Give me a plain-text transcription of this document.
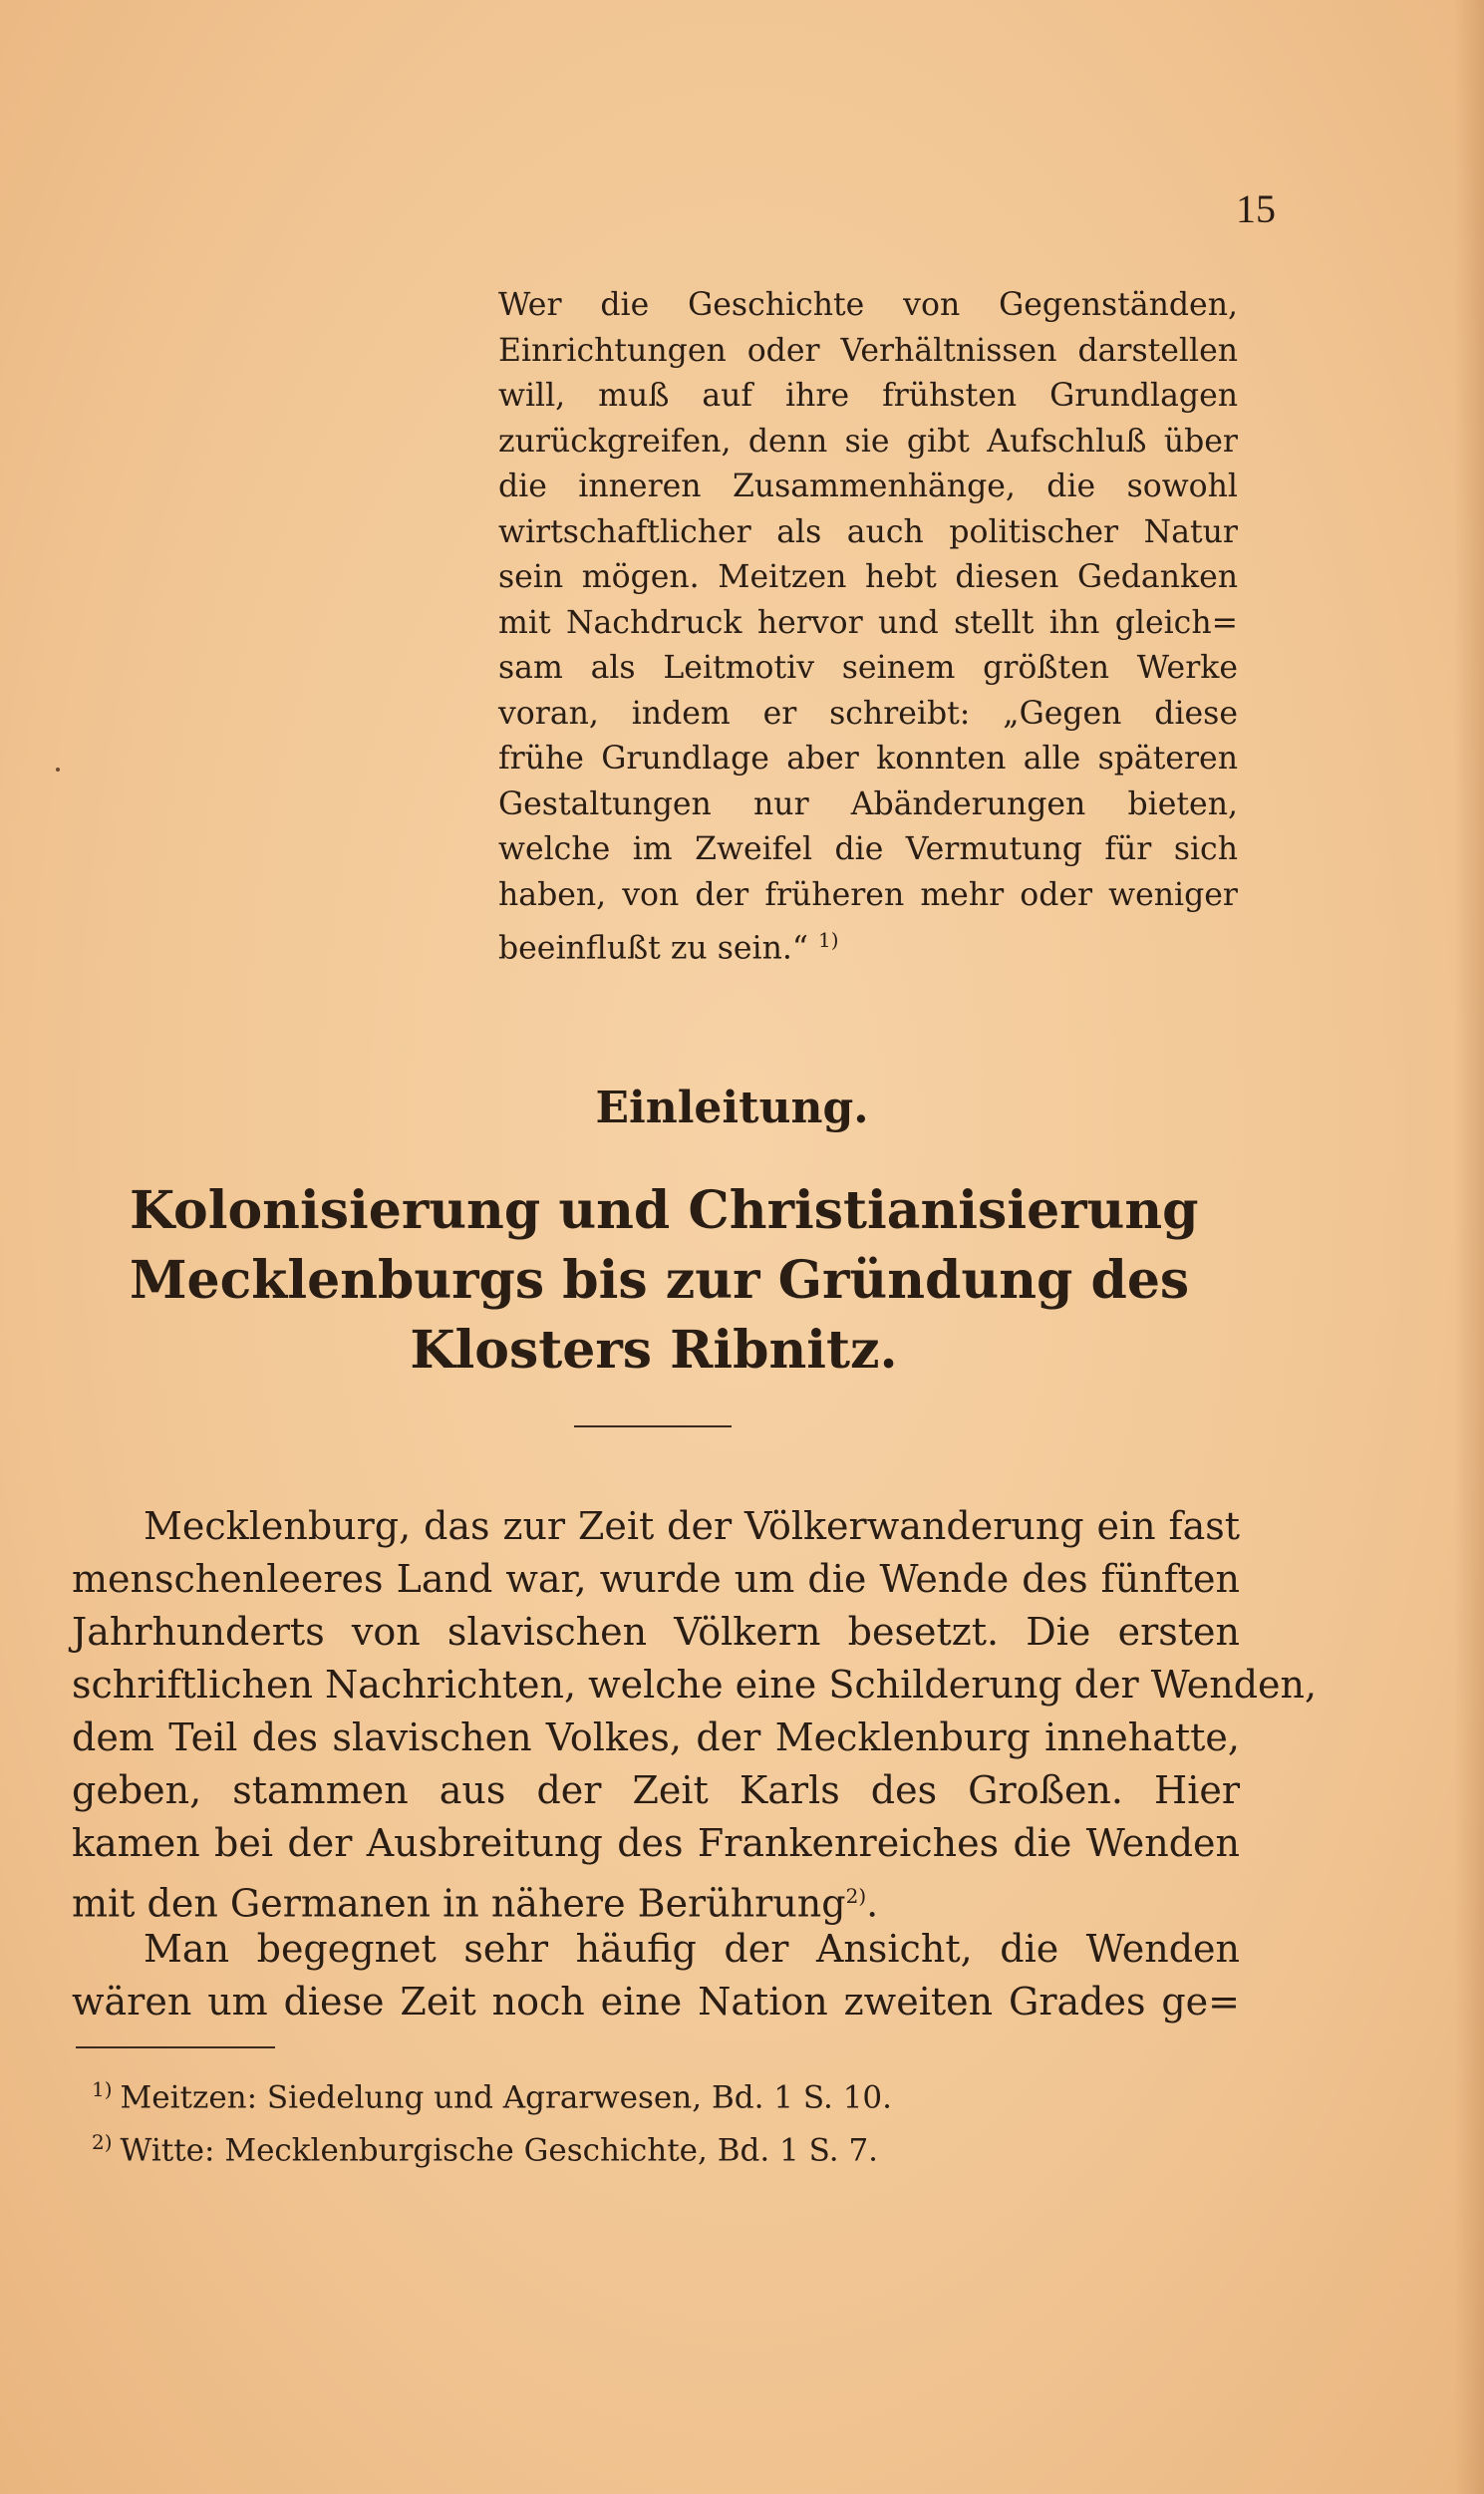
15
Wer die Geschichte von Gegenständen,
Einrichtungen oder Verhältnissen darstellen
will, muß auf ihre frühsten Grundlagen
zurückgreifen, denn sie gibt Aufschluß über
die inneren Zusammenhänge, die sowohl
wirtschaftlicher als auch politischer Natur
sein mögen. Meitzen hebt diesen Gedanken
mit Nachdruck hervor und stellt ihn gleich=
sam als Leitmotiv seinem größten Werke
voran, indem er schreibt: „Gegen diese
frühe Grundlage aber konnten alle späteren
Gestaltungen nur Abänderungen bieten,
welche im Zweifel die Vermutung für sich
haben, von der früheren mehr oder weniger
beeinflußt zu sein.“ $^{1)}$
Einleitung.
Kolonisierung und Christianisierung
Mecklenburgs bis zur Gründung des
Klosters Ribnitz.
Mecklenburg, das zur Zeit der Völkerwanderung ein fast
menschenleeres Land war, wurde um die Wende des fünften
Jahrhunderts von slavischen Völkern besetzt. Die ersten
schriftlichen Nachrichten, welche eine Schilderung der Wenden,
dem Teil des slavischen Volkes, der Mecklenburg innehatte,
geben, stammen aus der Zeit Karls des Großen. Hier
kamen bei der Ausbreitung des Frankenreiches die Wenden
mit den Germanen in nähere Berührung$^{2)}$.
Man begegnet sehr häufig der Ansicht, die Wenden
wären um diese Zeit noch eine Nation zweiten Grades ge=
$^{1)}$ Meitzen: Siedelung und Agrarwesen, Bd. 1 S. 10.
$^{2)}$ Witte: Mecklenburgische Geschichte, Bd. 1 S. 7.
